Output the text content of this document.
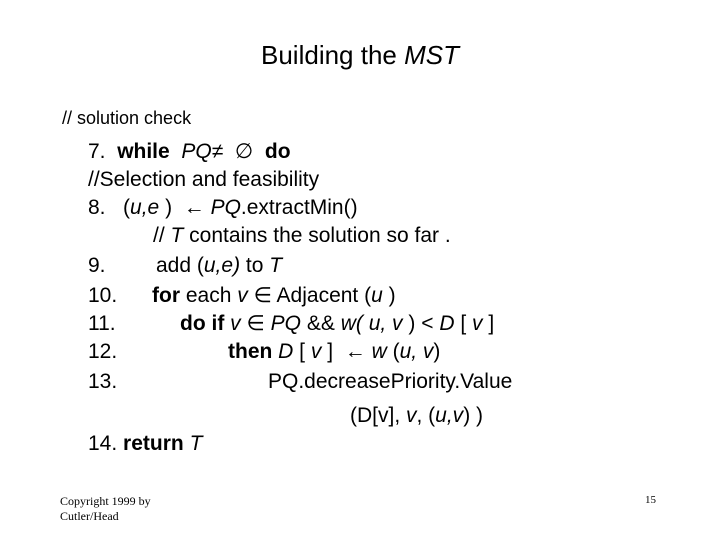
Building the MST
// solution check
7. while PQ≠ ∅ do
//Selection and feasibility
8. (u,e ) ← PQ.extractMin()
// T contains the solution so far .
9. add (u,e) to T
10. for each v ∈ Adjacent (u )
11.	do if v ∈ PQ && w( u, v ) < D [ v ]
12.	then D [ v ]  ← w (u, v)
13.	PQ.decreasePriority.Value
(D[v], v, (u,v) )
14. return T
Copyright 1999 by Cutler/Head
15
